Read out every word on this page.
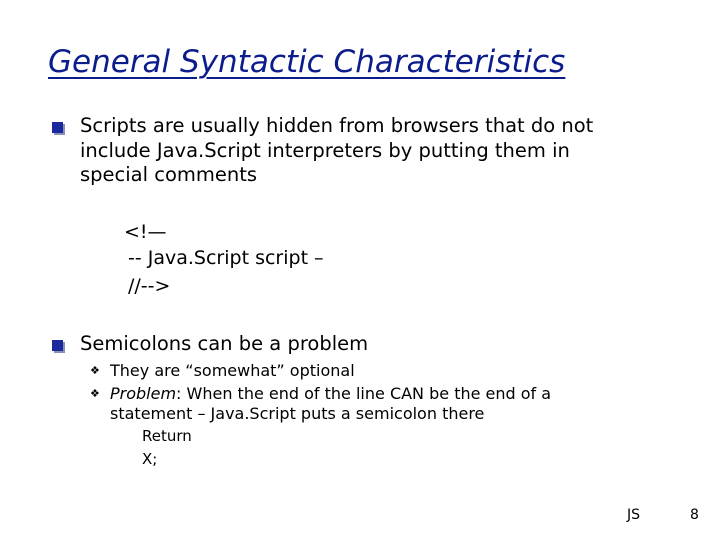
General Syntactic Characteristics
Scripts are usually hidden from browsers that do not
include Java.Script interpreters by putting them in
special comments
<!—
-- Java.Script script –
//-->
Semicolons can be a problem
❖ They are “somewhat” optional
❖ Problem: When the end of the line CAN be the end of a
statement – Java.Script puts a semicolon there
Return
X;
JS	8
